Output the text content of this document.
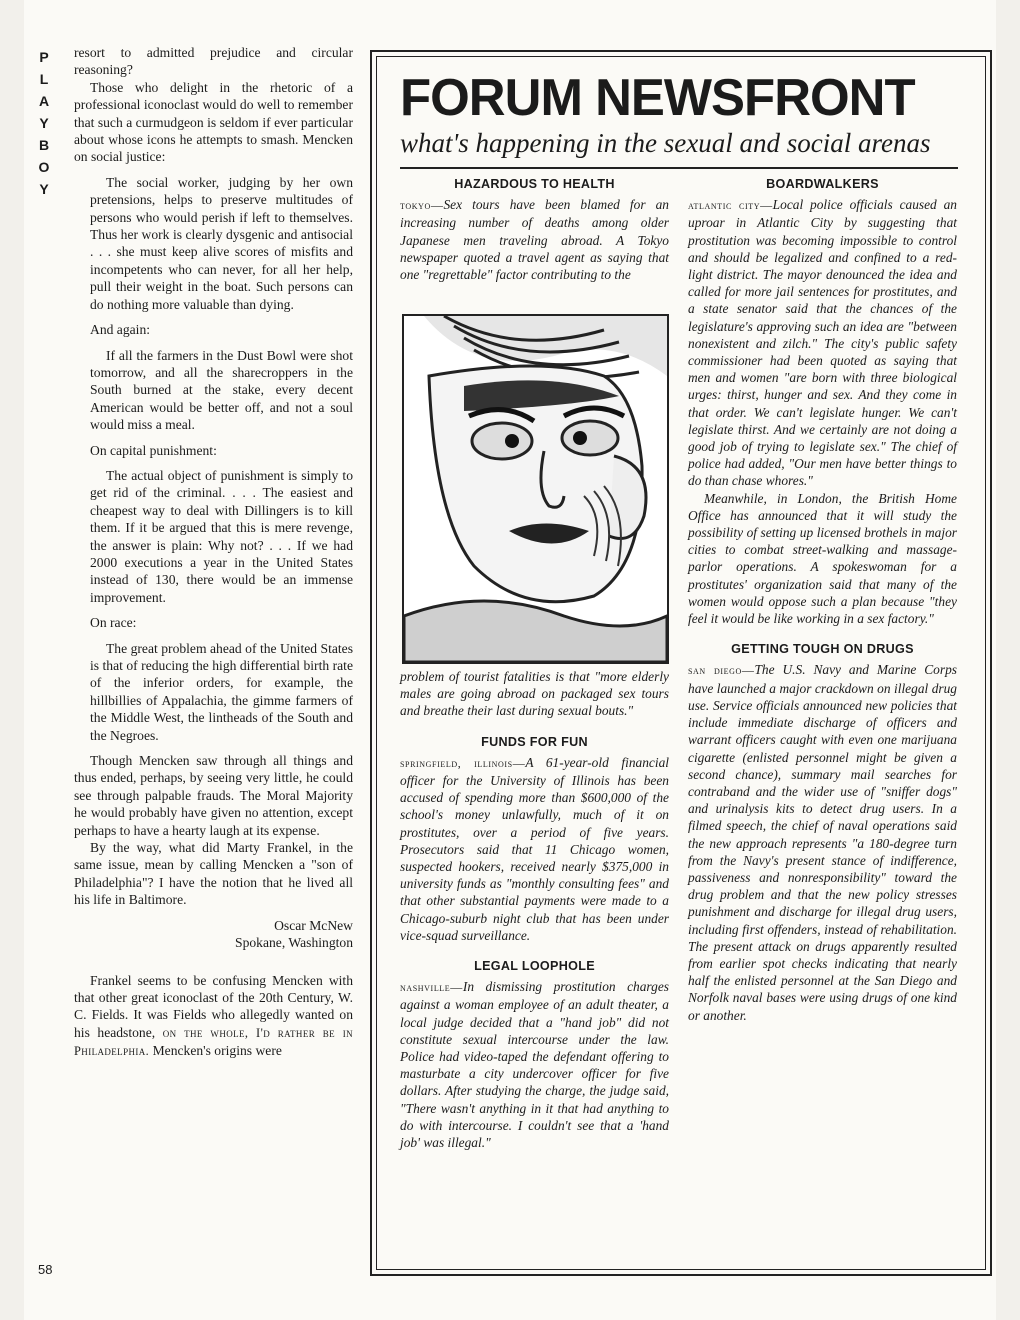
P
L
A
Y
B
O
Y
58

resort to admitted prejudice and circular reasoning?

Those who delight in the rhetoric of a professional iconoclast would do well to remember that such a curmudgeon is seldom if ever particular about whose icons he attempts to smash. Mencken on social justice:

The social worker, judging by her own pretensions, helps to preserve multitudes of persons who would perish if left to themselves. Thus her work is clearly dysgenic and antisocial . . . she must keep alive scores of misfits and incompetents who can never, for all her help, pull their weight in the boat. Such persons can do nothing more valuable than dying.

And again:

If all the farmers in the Dust Bowl were shot tomorrow, and all the sharecroppers in the South burned at the stake, every decent American would be better off, and not a soul would miss a meal.

On capital punishment:

The actual object of punishment is simply to get rid of the criminal. . . . The easiest and cheapest way to deal with Dillingers is to kill them. If it be argued that this is mere revenge, the answer is plain: Why not? . . . If we had 2000 executions a year in the United States instead of 130, there would be an immense improvement.

On race:

The great problem ahead of the United States is that of reducing the high differential birth rate of the inferior orders, for example, the hillbillies of Appalachia, the gimme farmers of the Middle West, the lintheads of the South and the Negroes.

Though Mencken saw through all things and thus ended, perhaps, by seeing very little, he could see through palpable frauds. The Moral Majority he would probably have given no attention, except perhaps to have a hearty laugh at its expense.

By the way, what did Marty Frankel, in the same issue, mean by calling Mencken a "son of Philadelphia"? I have the notion that he lived all his life in Baltimore.

Oscar McNew
Spokane, Washington

Frankel seems to be confusing Mencken with that other great iconoclast of the 20th Century, W. C. Fields. It was Fields who allegedly wanted on his headstone, on the whole, I'd rather be in Philadelphia. Mencken's origins were

FORUM NEWSFRONT
what's happening in the sexual and social arenas
HAZARDOUS TO HEALTH

tokyo—Sex tours have been blamed for an increasing number of deaths among older Japanese men traveling abroad. A Tokyo newspaper quoted a travel agent as saying that one "regrettable" factor contributing to the

problem of tourist fatalities is that "more elderly males are going abroad on packaged sex tours and breathe their last during sexual bouts."

FUNDS FOR FUN

springfield, illinois—A 61-year-old financial officer for the University of Illinois has been accused of spending more than $600,000 of the school's money unlawfully, much of it on prostitutes, over a period of five years. Prosecutors said that 11 Chicago women, suspected hookers, received nearly $375,000 in university funds as "monthly consulting fees" and that other substantial payments were made to a Chicago-suburb night club that has been under vice-squad surveillance.

LEGAL LOOPHOLE

nashville—In dismissing prostitution charges against a woman employee of an adult theater, a local judge decided that a "hand job" did not constitute sexual intercourse under the law. Police had video-taped the defendant offering to masturbate a city undercover officer for five dollars. After studying the charge, the judge said, "There wasn't anything in it that had anything to do with intercourse. I couldn't see that a 'hand job' was illegal."

BOARDWALKERS

atlantic city—Local police officials caused an uproar in Atlantic City by suggesting that prostitution was becoming impossible to control and should be legalized and confined to a red-light district. The mayor denounced the idea and called for more jail sentences for prostitutes, and a state senator said that the chances of the legislature's approving such an idea are "between nonexistent and zilch." The city's public safety commissioner had been quoted as saying that men and women "are born with three biological urges: thirst, hunger and sex. And they come in that order. We can't legislate hunger. We can't legislate thirst. And we certainly are not doing a good job of trying to legislate sex." The chief of police had added, "Our men have better things to do than chase whores."

Meanwhile, in London, the British Home Office has announced that it will study the possibility of setting up licensed brothels in major cities to combat street-walking and massage-parlor operations. A spokeswoman for a prostitutes' organization said that many of the women would oppose such a plan because "they feel it would be like working in a sex factory."

GETTING TOUGH ON DRUGS

san diego—The U.S. Navy and Marine Corps have launched a major crackdown on illegal drug use. Service officials announced new policies that include immediate discharge of officers and warrant officers caught with even one marijuana cigarette (enlisted personnel might be given a second chance), summary mail searches for contraband and the wider use of "sniffer dogs" and urinalysis kits to detect drug users. In a filmed speech, the chief of naval operations said the new approach represents "a 180-degree turn from the Navy's present stance of indifference, passiveness and nonresponsibility" toward the drug problem and that the new policy stresses punishment and discharge for illegal drug users, including first offenders, instead of rehabilitation. The present attack on drugs apparently resulted from earlier spot checks indicating that nearly half the enlisted personnel at the San Diego and Norfolk naval bases were using drugs of one kind or another.
